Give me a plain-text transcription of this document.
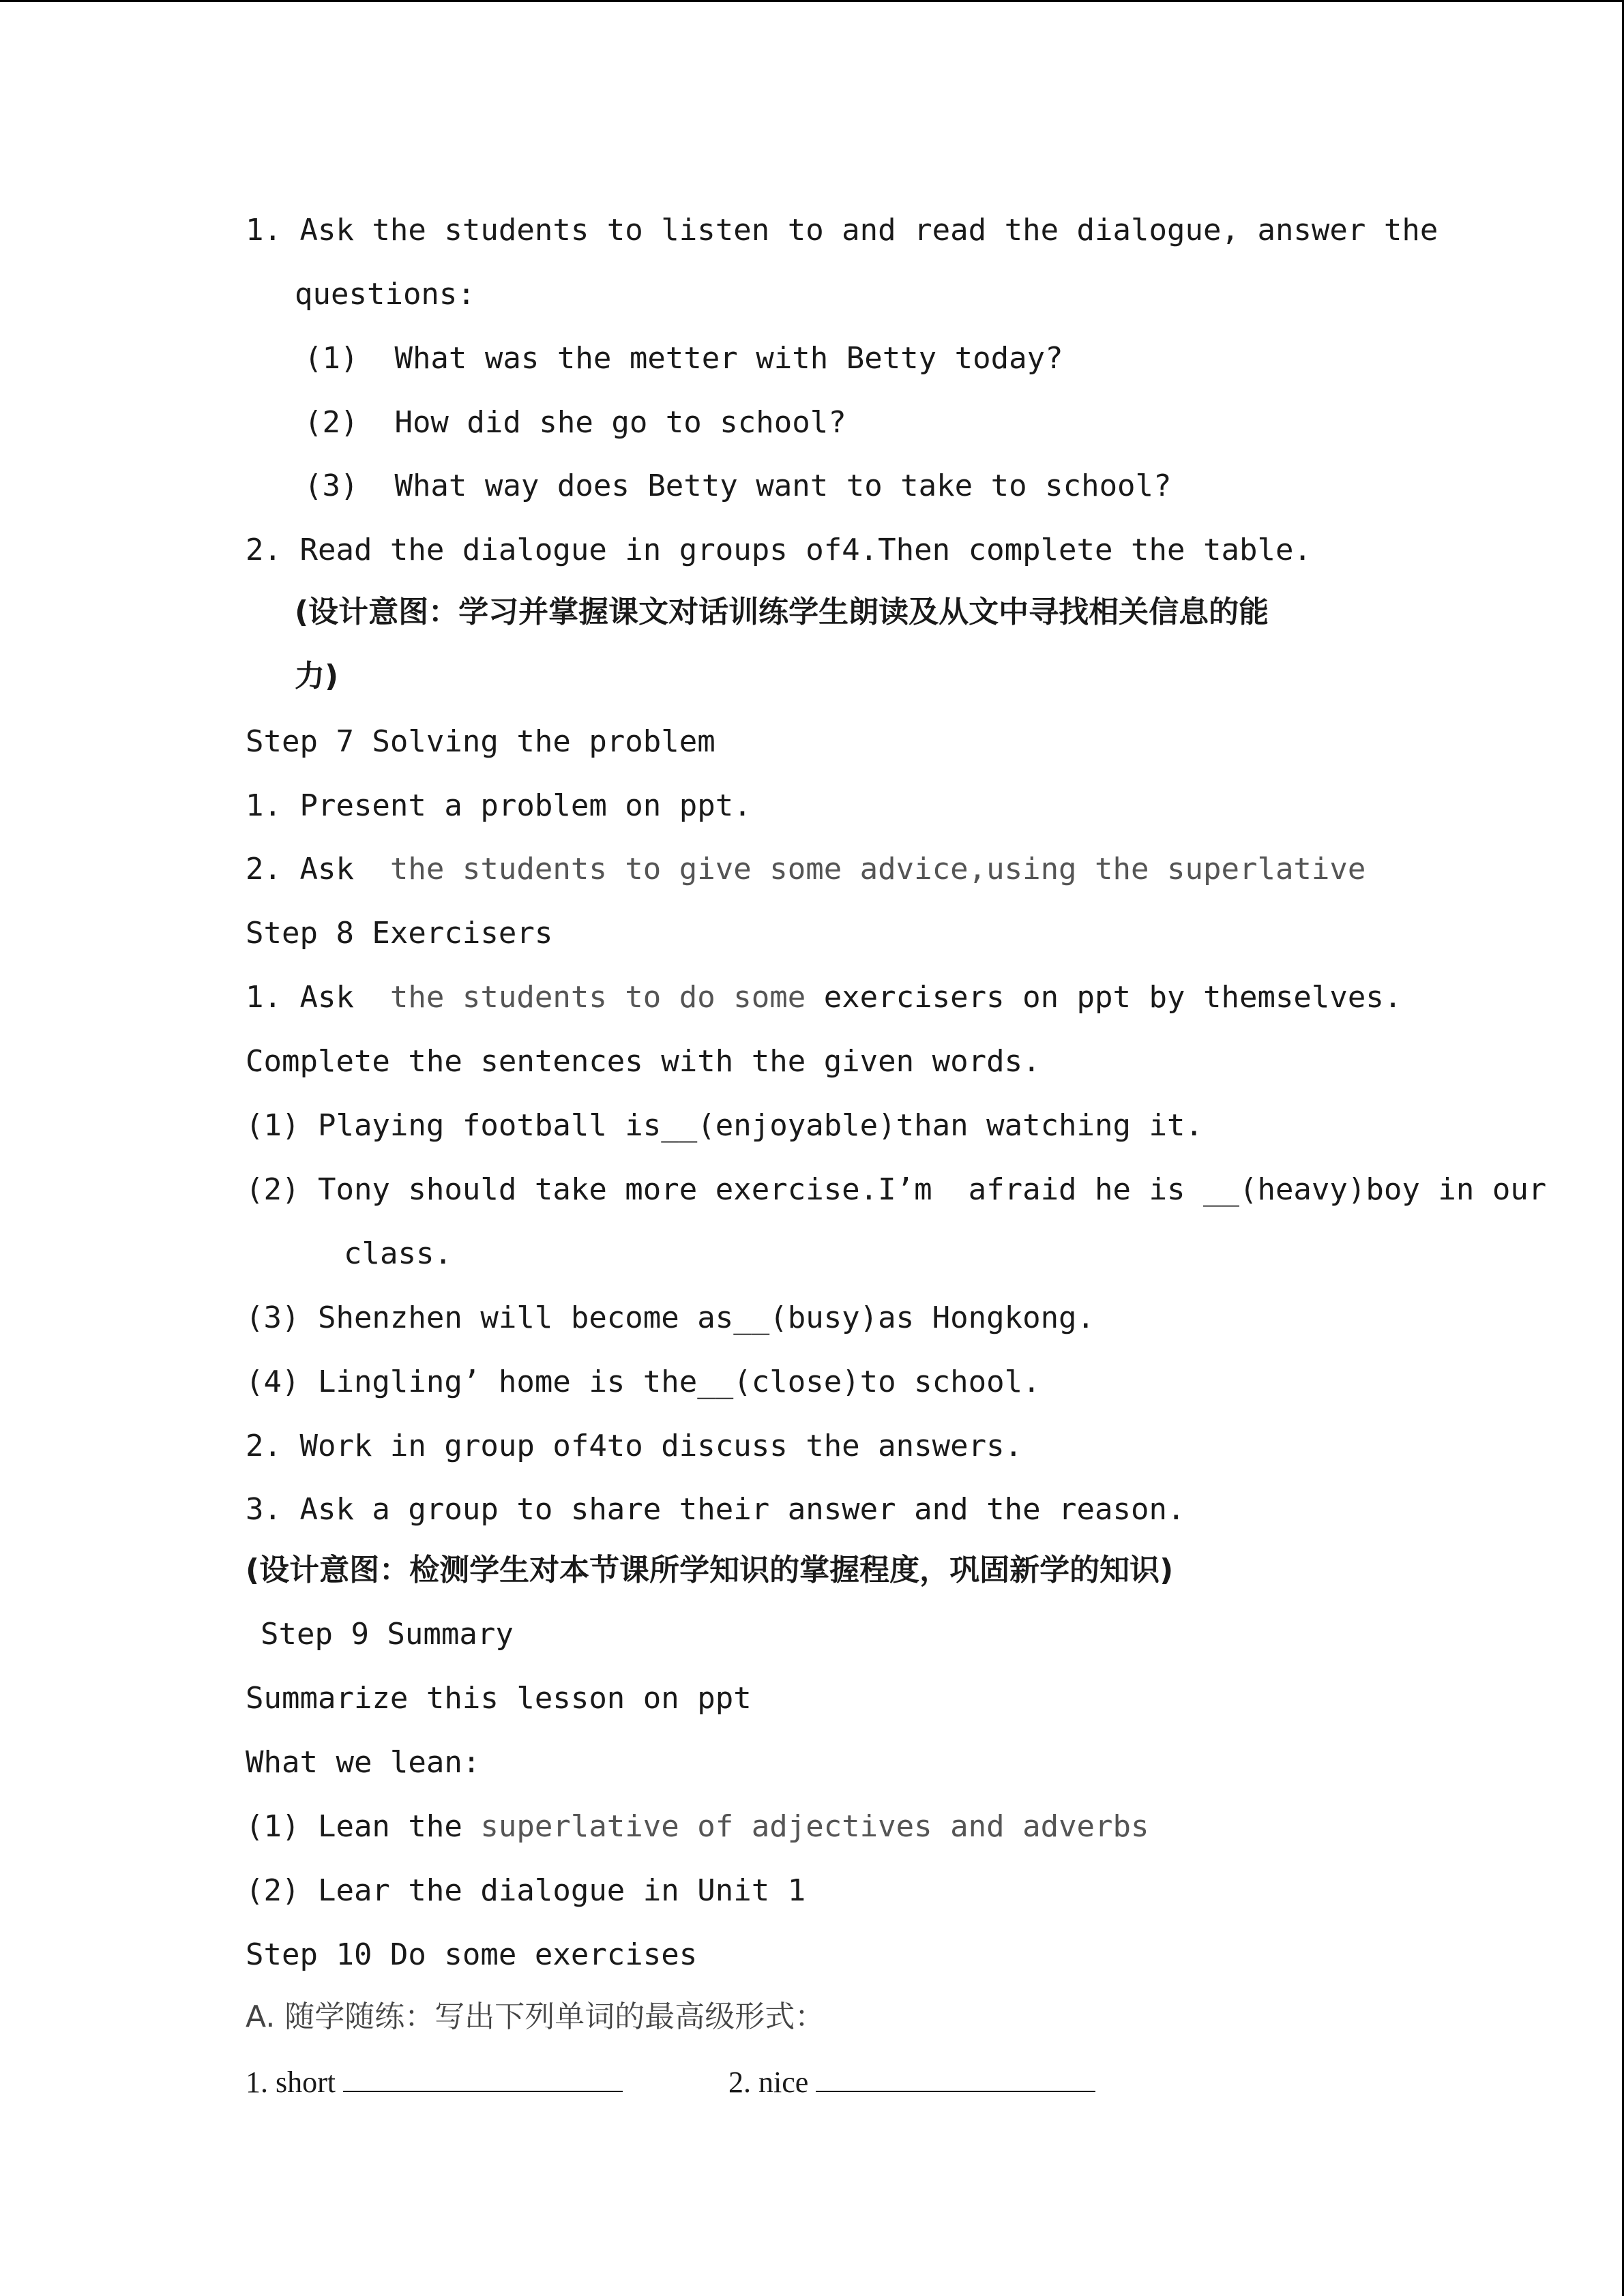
1. Ask the students to listen to and read the dialogue, answer the
questions:
(1)  What was the metter with Betty today?
(2)  How did she go to school?
(3)  What way does Betty want to take to school?
2. Read the dialogue in groups of4.Then complete the table.
(设计意图：学习并掌握课文对话训练学生朗读及从文中寻找相关信息的能
力)
Step 7 Solving the problem
1. Present a problem on ppt.
2. Ask  the students to give some advice,using the superlative
Step 8 Exercisers
1. Ask  the students to do some exercisers on ppt by themselves.
Complete the sentences with the given words.
(1) Playing football is__(enjoyable)than watching it.
(2) Tony should take more exercise.I’m  afraid he is __(heavy)boy in our
class.
(3) Shenzhen will become as__(busy)as Hongkong.
(4) Lingling’ home is the__(close)to school.
2. Work in group of4to discuss the answers.
3. Ask a group to share their answer and the reason.
(设计意图：检测学生对本节课所学知识的掌握程度，巩固新学的知识)
Step 9 Summary
Summarize this lesson on ppt
What we lean:
(1) Lean the superlative of adjectives and adverbs
(2) Lear the dialogue in Unit 1
Step 10 Do some exercises
A. 随学随练：写出下列单词的最高级形式：
1. short	2. nice
